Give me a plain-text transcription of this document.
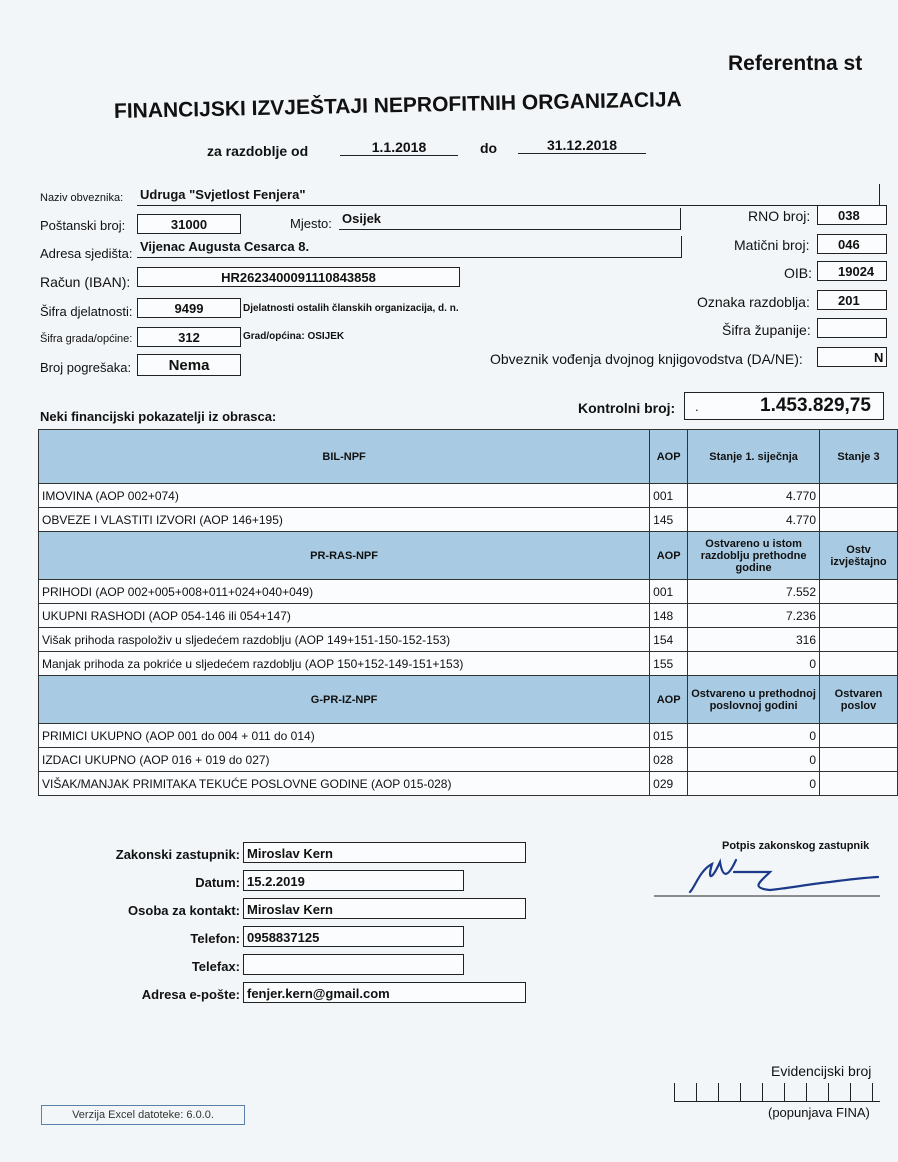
Referentna st
FINANCIJSKI IZVJEŠTAJI NEPROFITNIH ORGANIZACIJA
za razdoblje od	1.1.2018	do	31.12.2018
Naziv obveznika: Udruga "Svjetlost Fenjera"
Poštanski broj:	31000	Mjesto: Osijek
Adresa sjedišta: Vijenac Augusta Cesarca 8.
Račun (IBAN):	HR2623400091110843858
Šifra djelatnosti:	9499	Djelatnosti ostalih članskih organizacija, d. n.
Šifra grada/općine:	312	Grad/općina: OSIJEK
Broj pogrešaka:	Nema
RNO broj:	038
Matični broj:	046
OIB:	19024
Oznaka razdoblja:	201
Šifra županije:
Obveznik vođenja dvojnog knjigovodstva (DA/NE):	N
Neki financijski pokazatelji iz obrasca:
Kontrolni broj: .	1.453.829,75
BIL-NPF	AOP	Stanje 1. siječnja	Stanje 3
IMOVINA (AOP 002+074)	001	4.770	
OBVEZE I VLASTITI IZVORI (AOP 146+195)	145	4.770	
PR-RAS-NPF	AOP	Ostvareno u istom razdoblju prethodne godine	Ostv izvještajno
PRIHODI (AOP 002+005+008+011+024+040+049)	001	7.552	
UKUPNI RASHODI (AOP 054-146 ili 054+147)	148	7.236	
Višak prihoda raspoloživ u sljedećem razdoblju (AOP 149+151-150-152-153)	154	316	
Manjak prihoda za pokriće u sljedećem razdoblju (AOP 150+152-149-151+153)	155	0	
G-PR-IZ-NPF	AOP	Ostvareno u prethodnoj poslovnoj godini	Ostvaren poslov
PRIMICI UKUPNO (AOP 001 do 004 + 011 do 014)	015	0	
IZDACI UKUPNO (AOP 016 + 019 do 027)	028	0	
VIŠAK/MANJAK PRIMITAKA TEKUĆE POSLOVNE GODINE (AOP 015-028)	029	0	
Zakonski zastupnik: Miroslav Kern
Datum: 15.2.2019
Osoba za kontakt: Miroslav Kern
Telefon: 0958837125
Telefax:
Adresa e-pošte: fenjer.kern@gmail.com
Potpis zakonskog zastupnik
Evidencijski broj
(popunjava FINA)
Verzija Excel datoteke: 6.0.0.
